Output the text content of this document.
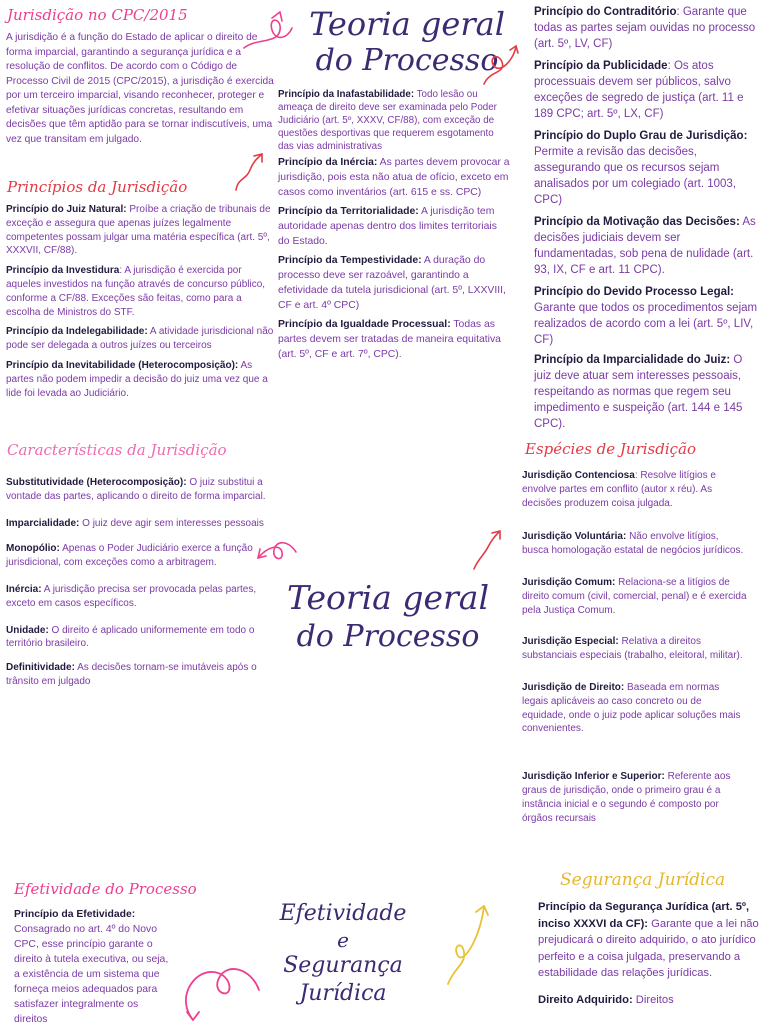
Jurisdição no CPC/2015
A jurisdição é a função do Estado de aplicar o direito de forma imparcial, garantindo a segurança jurídica e a resolução de conflitos. De acordo com o Código de Processo Civil de 2015 (CPC/2015), a jurisdição é exercida por um terceiro imparcial, visando reconhecer, proteger e efetivar situações jurídicas concretas, resultando em decisões que têm aptidão para se tornar indiscutíveis, uma vez que transitam em julgado.
Princípios da Jurisdição
Princípio do Juiz Natural: Proíbe a criação de tribunais de exceção e assegura que apenas juízes legalmente competentes possam julgar uma matéria específica (art. 5º, XXXVII, CF/88).
Princípio da Investidura: A jurisdição é exercida por aqueles investidos na função através de concurso público, conforme a CF/88. Exceções são feitas, como para a escolha de Ministros do STF.
Princípio da Indelegabilidade: A atividade jurisdicional não pode ser delegada a outros juízes ou terceiros
Princípio da Inevitabilidade (Heterocomposição): As partes não podem impedir a decisão do juiz uma vez que a lide foi levada ao Judiciário.
Características da Jurisdição
Substitutividade (Heterocomposição): O juiz substitui a vontade das partes, aplicando o direito de forma imparcial.
Imparcialidade: O juiz deve agir sem interesses pessoais
Monopólio: Apenas o Poder Judiciário exerce a função jurisdicional, com exceções como a arbitragem.
Inércia: A jurisdição precisa ser provocada pelas partes, exceto em casos específicos.
Unidade: O direito é aplicado uniformemente em todo o território brasileiro.
Definitividade: As decisões tornam-se imutáveis após o trânsito em julgado
Efetividade do Processo
Princípio da Efetividade: Consagrado no art. 4º do Novo CPC, esse princípio garante o direito à tutela executiva, ou seja, a existência de um sistema que forneça meios adequados para satisfazer integralmente os direitos
Teoria geral
do Processo
Princípio da Inafastabilidade: Todo lesão ou ameaça de direito deve ser examinada pelo Poder Judiciário (art. 5º, XXXV, CF/88), com exceção de questões desportivas que requerem esgotamento das vias administrativas
Princípio da Inércia: As partes devem provocar a jurisdição, pois esta não atua de ofício, exceto em casos como inventários (art. 615 e ss. CPC)
Princípio da Territorialidade: A jurisdição tem autoridade apenas dentro dos limites territoriais do Estado.
Princípio da Tempestividade: A duração do processo deve ser razoável, garantindo a efetividade da tutela jurisdicional (art. 5º, LXXVIII, CF e art. 4º CPC)
Princípio da Igualdade Processual: Todas as partes devem ser tratadas de maneira equitativa (art. 5º, CF e art. 7º, CPC).
Teoria geral
do Processo
Efetividade
e
Segurança
Jurídica
Princípio do Contraditório: Garante que todas as partes sejam ouvidas no processo (art. 5º, LV, CF)
Princípio da Publicidade: Os atos processuais devem ser públicos, salvo exceções de segredo de justiça (art. 11 e 189 CPC; art. 5º, LX, CF)
Princípio do Duplo Grau de Jurisdição: Permite a revisão das decisões, assegurando que os recursos sejam analisados por um colegiado (art. 1003, CPC)
Princípio da Motivação das Decisões: As decisões judiciais devem ser fundamentadas, sob pena de nulidade (art. 93, IX, CF e art. 11 CPC).
Princípio do Devido Processo Legal: Garante que todos os procedimentos sejam realizados de acordo com a lei (art. 5º, LIV, CF)
Princípio da Imparcialidade do Juiz: O juiz deve atuar sem interesses pessoais, respeitando as normas que regem seu impedimento e suspeição (art. 144 e 145 CPC).
Espécies de Jurisdição
Jurisdição Contenciosa: Resolve litígios e envolve partes em conflito (autor x réu). As decisões produzem coisa julgada.
Jurisdição Voluntária: Não envolve litígios, busca homologação estatal de negócios jurídicos.
Jurisdição Comum: Relaciona-se a litígios de direito comum (civil, comercial, penal) e é exercida pela Justiça Comum.
Jurisdição Especial: Relativa a direitos substanciais especiais (trabalho, eleitoral, militar).
Jurisdição de Direito: Baseada em normas legais aplicáveis ao caso concreto ou de equidade, onde o juiz pode aplicar soluções mais convenientes.
Jurisdição Inferior e Superior: Referente aos graus de jurisdição, onde o primeiro grau é a instância inicial e o segundo é composto por órgãos recursais
Segurança Jurídica
Princípio da Segurança Jurídica (art. 5º, inciso XXXVI da CF): Garante que a lei não prejudicará o direito adquirido, o ato jurídico perfeito e a coisa julgada, preservando a estabilidade das relações jurídicas.
Direito Adquirido: Direitos
